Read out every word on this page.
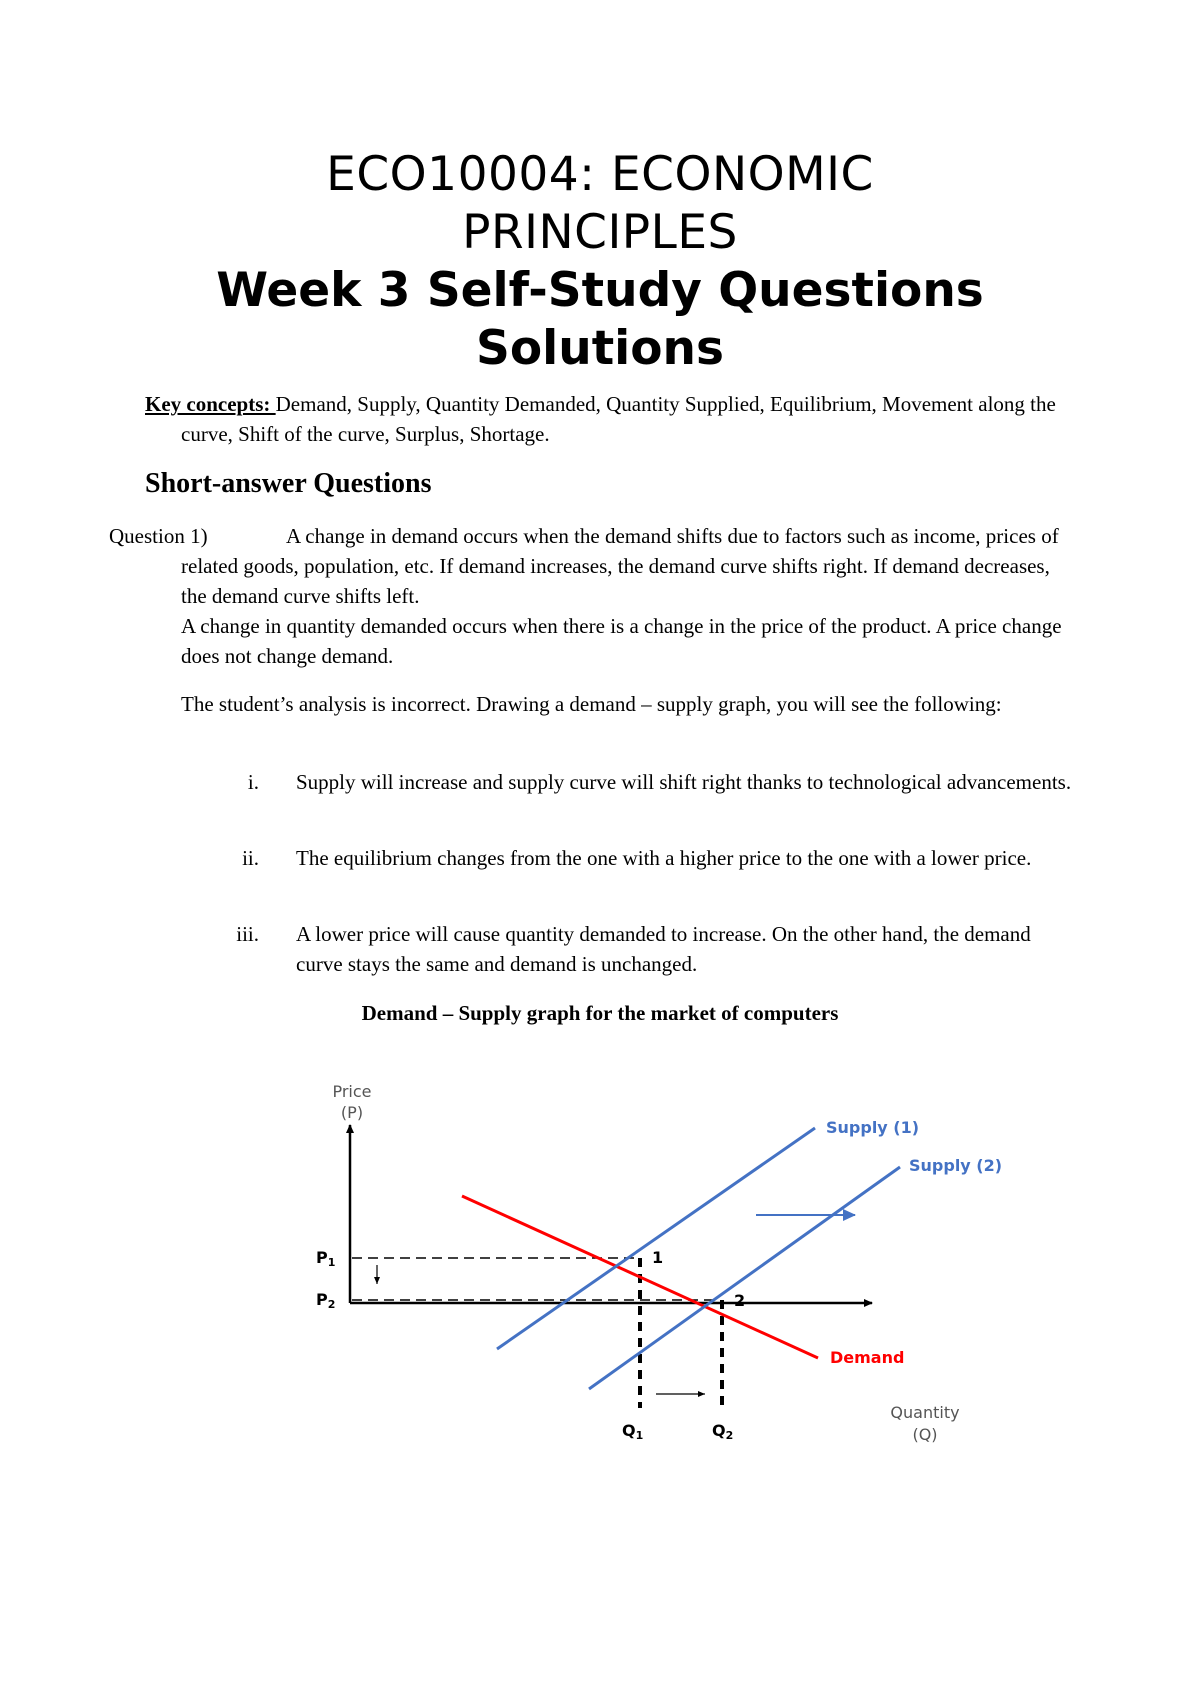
ECO10004: ECONOMIC
PRINCIPLES
Week 3 Self-Study Questions
Solutions
Key concepts: Demand, Supply, Quantity Demanded, Quantity Supplied, Equilibrium, Movement along the curve, Shift of the curve, Surplus, Shortage.
Short-answer Questions
Question 1)	A change in demand occurs when the demand shifts due to factors such as income, prices of related goods, population, etc. If demand increases, the demand curve shifts right. If demand decreases, the demand curve shifts left.
A change in quantity demanded occurs when there is a change in the price of the product. A price change does not change demand.
The student’s analysis is incorrect. Drawing a demand – supply graph, you will see the following:
i. Supply will increase and supply curve will shift right thanks to technological advancements.
ii. The equilibrium changes from the one with a higher price to the one with a lower price.
iii. A lower price will cause quantity demanded to increase. On the other hand, the demand curve stays the same and demand is unchanged.
Demand – Supply graph for the market of computers
Price
(P)
Quantity
(Q)
Supply (1)
Supply (2)
Demand
1
2
P1
P2
Q1	Q2
